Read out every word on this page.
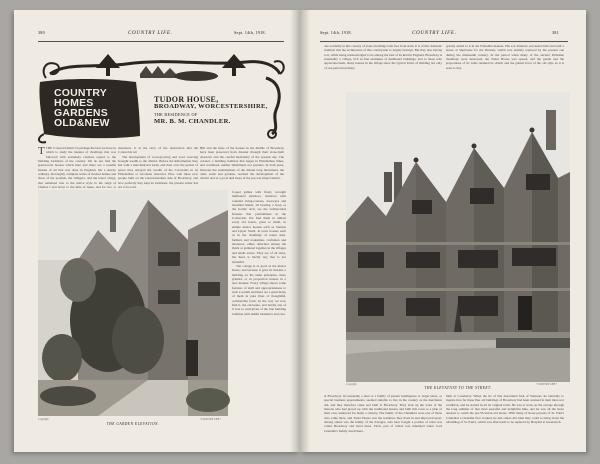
380	COUNTRY LIFE.	Sept. 14th, 1918.
COUNTRY
HOMES
GARDENS
OLD&NEW
TUDOR HOUSE,
BROADWAY, WORCESTERSHIRE,
THE RESIDENCE OF
MR. B. M. CHANDLER.
TTHE Cotswold district is perhaps the best we have in which to study the manner of dwellings that was followed with extremely cautious regard to the building traditions of the country. We do not find the grand-scale houses which here and there are a notable feature of all that was done in England, but a sturdy, ordinary, thoroughly complete series of modest homes and those of the yeomen, the villagers, and the lesser clergy, that remained true to the native style in the reign of Charles I and down to the time of Anne, and for two or

elsewhere. It is the story of the destruction that the Cotswolds wit

The development of wool-growing and wool weaving brought wealth to the district. Before the Reformation they fed with a merchant-led trade; and then over the period of peace they enjoyed the wealth of the Cotswolds in its Elizabethan or Jacobean character. How well these new people built on the Gloucestershire side of Broadway, and how perfectly they kept its traditions, the present writer has not to be told.

Hill and the lines of the houses in the middle of Broadway have been preserved from disaster through their stone-built character and the careful husbandry of the present day. The colonel, a building tradition that began in Elizabethan times, and continued, neither inhabitants nor graziers, in both parts, between the examinations of the distant long movement, the older walls and gardens, reached the development of the district and as a good deal more of the pre-war improvement.
Copyright	"COUNTRY LIFE."
THE GARDEN ELEVATION.

Coped gables with finely wrought mullioned windows, windows with rounded string-courses, doorways and moulded lintels, all bearing a hoop or the Gothic arch, are the architectural features that predominate in the Cotswolds. We find them in almost every old house, great or small, in simple manor houses such as Stanton and Upper Swell, in town houses such as in the dwellings of lesser men, farmers and tradesmen, craftsmen and labourers, either detached among the fields or gathered together in the villages and small towns. They are of all sizes, but there is hardly any that is not beautiful.

The cottage is as good as the manor house, and because it gave its masters a building on the same principles, more granted, or in proportion treated in a new manner. Every village shows some features of skill and appropriateness to such a wealth and there are a great many of them in pure lines of thoughtful, comfortable form. In the way we now find it, the enclosure, and hardly any of it was so well given of the true building tradition with skilful insistence and care.

Sept. 14th, 1918.	COUNTRY LIFE.	381
one normally in this country of stone dwellings both free from stain. It is of this domestic tradition that the architecture of this countryside so largely belongs. But they also belong to it, while being acknowledged to be among the best of its kind in England. Broadway is essentially a village, rich in fine examples of mullioned buildings, and to those who appreciate them, many houses in the village show the typical forms of building not only of one period but many.
greatly added to it in the Palladian manner. His son Venturer succeeded him and built a house at Sherborne for the Duttons, which was entirely replaced by the present one during the nineteenth century. In the period when many of the ancient Palladian dwellings were destroyed, the Tudor House was spared, and the gentle and the proportions of its walls retained its charm and the gabled front of the old style as it is seen to-day.
Copyright	"COUNTRY LIFE."
THE ELEVATION TO THE STREET.
at Broadway. Occasionally a man or a family of greater intelligence or larger ideas, or special business appointments, seemed suitable to live in the country as the merchants did, and they therefore came and built to Broadway. They took up the work of the masons who had grown up with the traditional houses and built this town to a plan of their own, unaltered for many a century. The family of the Chandlers were one of those who came there, and Tudor House was the residence they lived in and improved upon; among others was the family of the Savages, who later bought a portion of what was called Broadway and lived there. Pitch, part of which was inhabited when Lord Chandler's family dwelt there.
built at Coneberry. When the tie of this descended fash of Venturer, he naturally to inquire how far these fine old buildings of Broadway had been retained in their inter-war condition, and he started in all its original form. He was at work on the cottage through the long summer of that most peaceful and delightful time, and he was all the more anxious to retain the pre-Victorian old house. With many of those persons of St. Paul's Cathedral a Chandler first worked, he and others did what they could to bring about the rebuilding of St. Paul's, which was afterwards to be replaced by Hospital at Greenwich.
